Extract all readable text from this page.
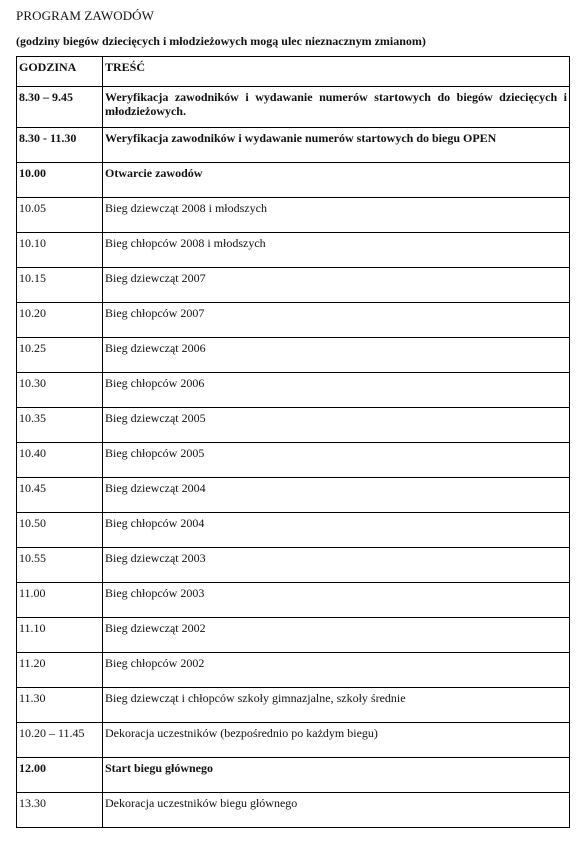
PROGRAM ZAWODÓW
(godziny biegów dziecięcych i młodzieżowych mogą ulec nieznacznym zmianom)
GODZINA	TREŚĆ
8.30 – 9.45	Weryfikacja zawodników i wydawanie numerów startowych do biegów dziecięcych i młodzieżowych.
8.30 - 11.30	Weryfikacja zawodników i wydawanie numerów startowych do biegu OPEN
10.00	Otwarcie zawodów
10.05	Bieg dziewcząt 2008 i młodszych
10.10	Bieg chłopców 2008 i młodszych
10.15	Bieg dziewcząt 2007
10.20	Bieg chłopców 2007
10.25	Bieg dziewcząt 2006
10.30	Bieg chłopców 2006
10.35	Bieg dziewcząt 2005
10.40	Bieg chłopców 2005
10.45	Bieg dziewcząt 2004
10.50	Bieg chłopców 2004
10.55	Bieg dziewcząt 2003
11.00	Bieg chłopców 2003
11.10	Bieg dziewcząt 2002
11.20	Bieg chłopców 2002
11.30	Bieg dziewcząt i chłopców szkoły gimnazjalne, szkoły średnie
10.20 – 11.45	Dekoracja uczestników (bezpośrednio po każdym biegu)
12.00	Start biegu głównego
13.30	Dekoracja uczestników biegu głównego
